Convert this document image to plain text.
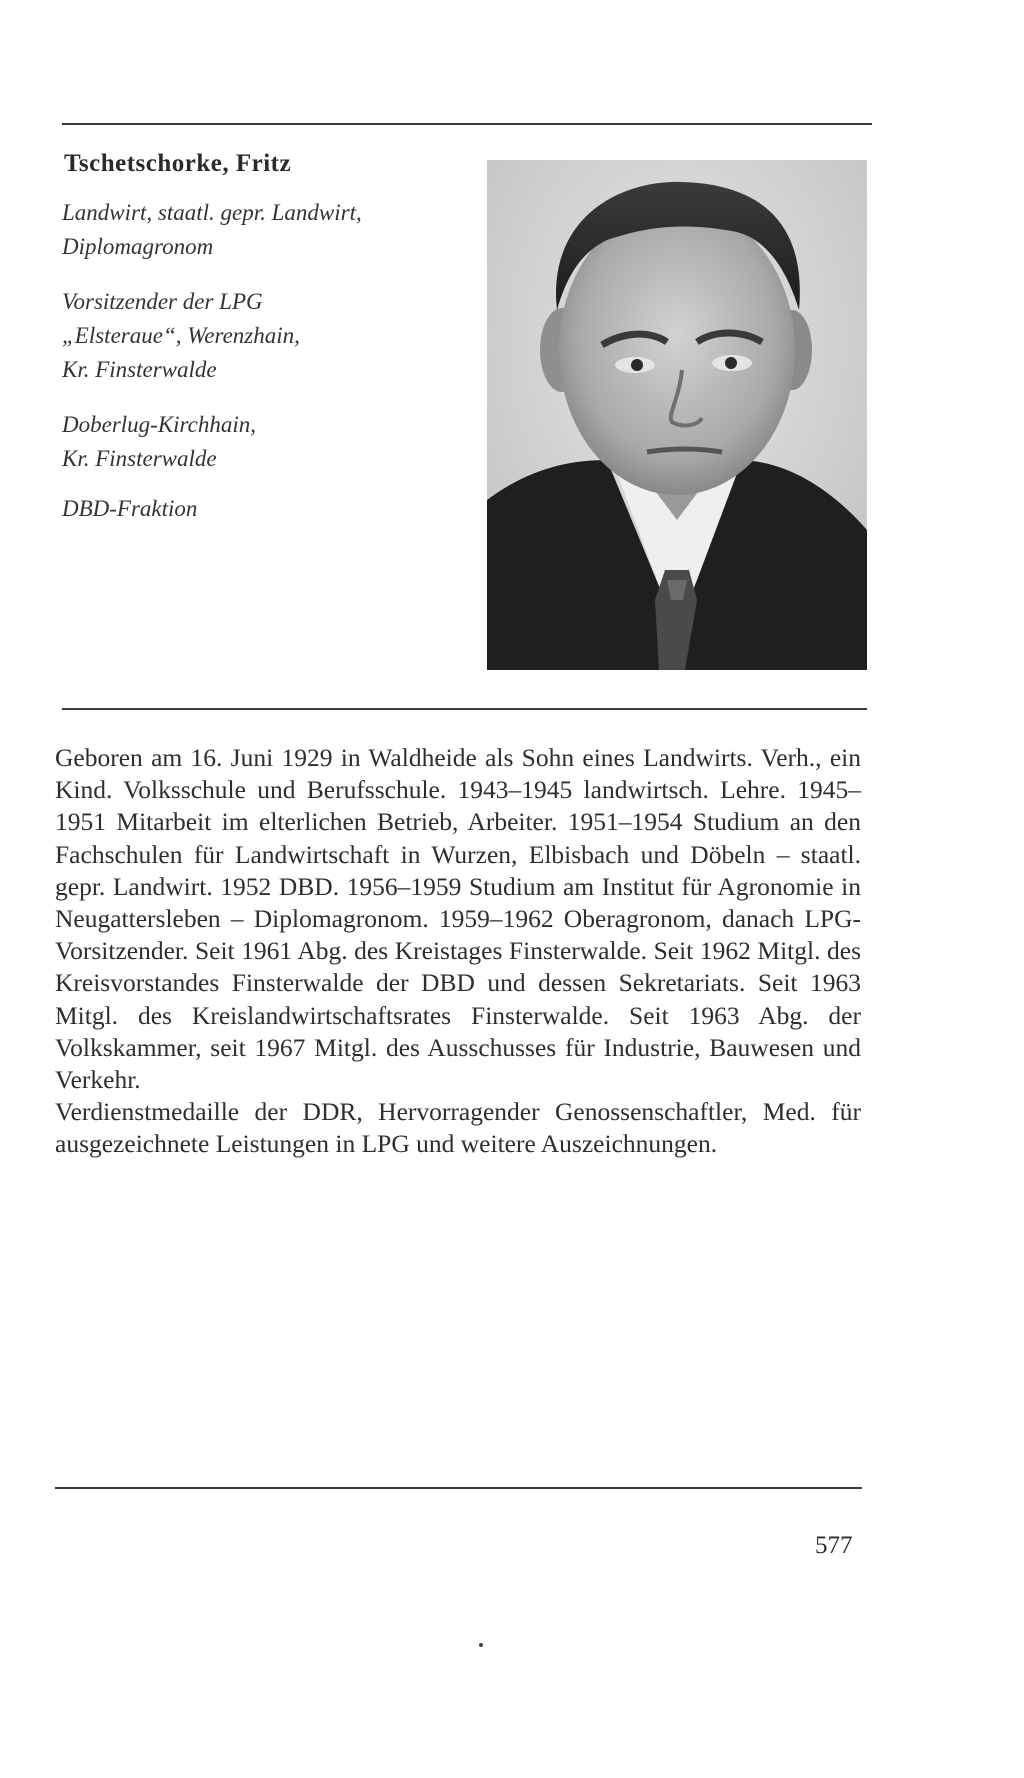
Tschetschorke, Fritz
Landwirt, staatl. gepr. Landwirt,
Diplomagronom
Vorsitzender der LPG
„Elsteraue“, Werenzhain,
Kr. Finsterwalde
Doberlug-Kirchhain,
Kr. Finsterwalde
DBD-Fraktion

Geboren am 16. Juni 1929 in Waldheide als Sohn eines Landwirts. Verh., ein Kind. Volksschule und Berufsschule. 1943–1945 landwirtsch. Lehre. 1945–1951 Mitarbeit im elterlichen Betrieb, Arbeiter. 1951–1954 Studium an den Fachschulen für Landwirtschaft in Wurzen, Elbisbach und Döbeln – staatl. gepr. Landwirt. 1952 DBD. 1956–1959 Studium am Institut für Agronomie in Neugattersleben – Diplomagronom. 1959–1962 Oberagronom, danach LPG-Vorsitzender. Seit 1961 Abg. des Kreistages Finsterwalde. Seit 1962 Mitgl. des Kreisvorstandes Finsterwalde der DBD und dessen Sekretariats. Seit 1963 Mitgl. des Kreislandwirtschaftsrates Finsterwalde. Seit 1963 Abg. der Volkskammer, seit 1967 Mitgl. des Ausschusses für Industrie, Bauwesen und Verkehr.

Verdienstmedaille der DDR, Hervorragender Genossenschaftler, Med. für ausgezeichnete Leistungen in LPG und weitere Auszeichnungen.

577
